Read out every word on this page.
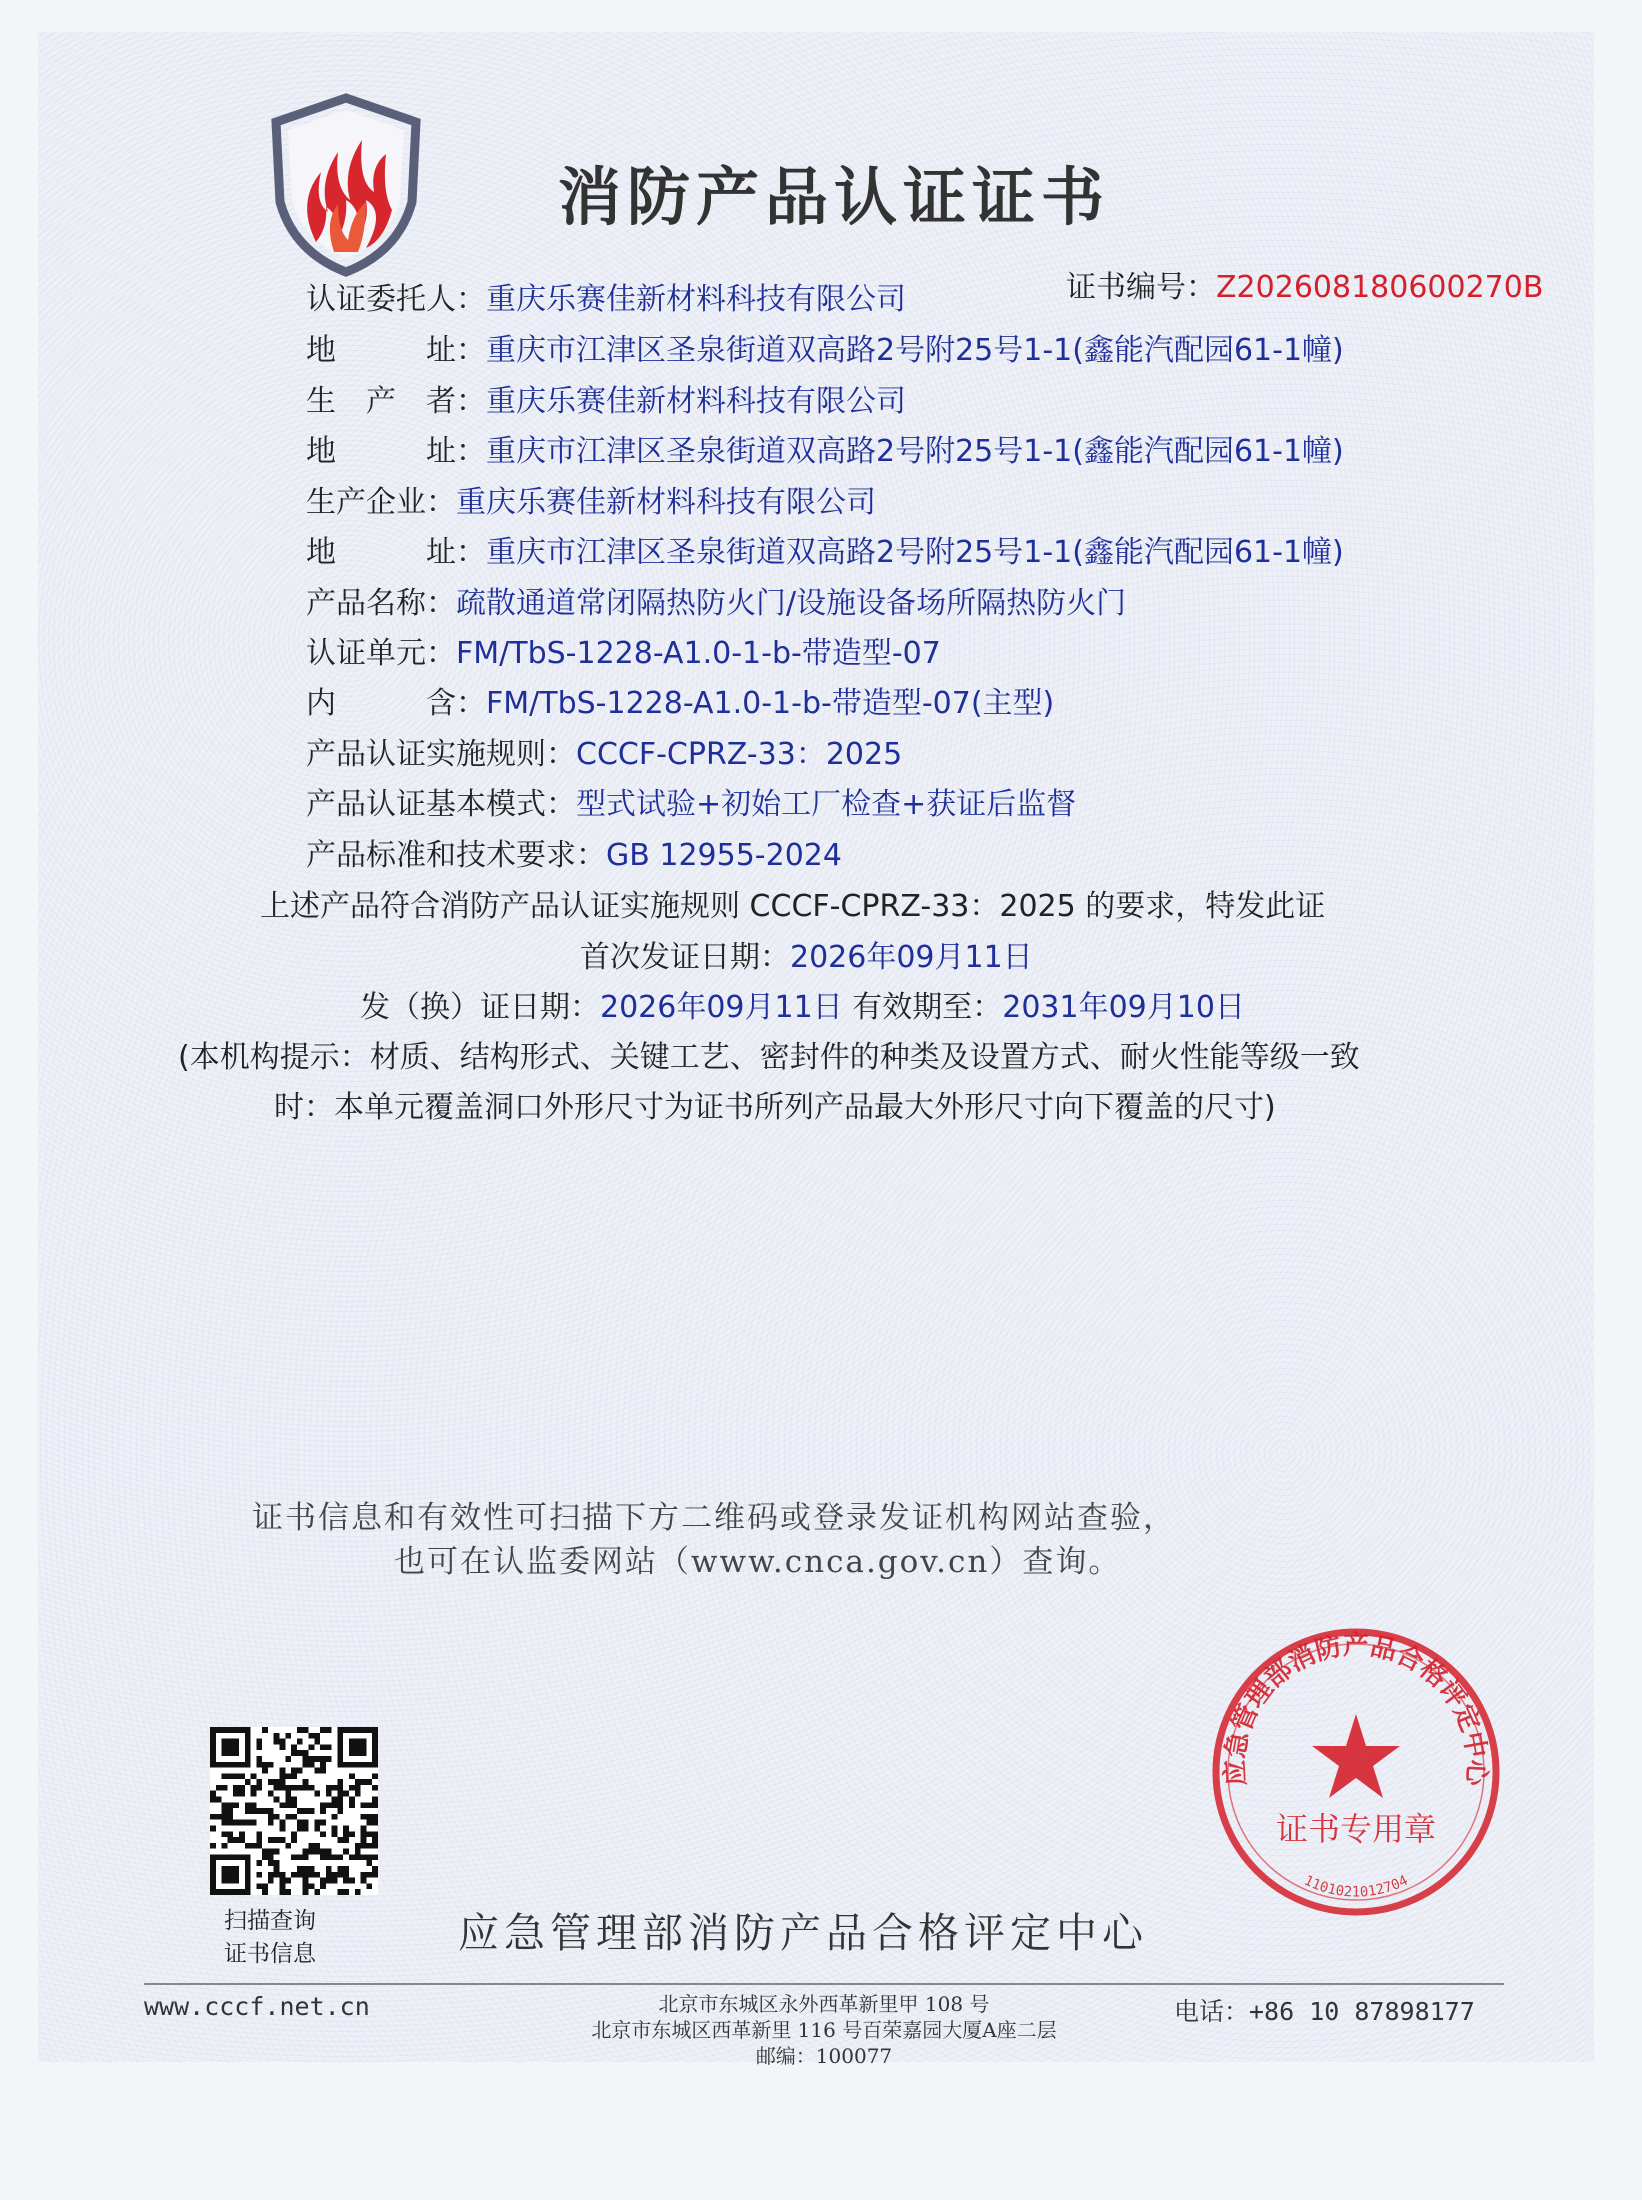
消防产品认证证书
证书编号：Z202608180600270B
认证委托人：重庆乐赛佳新材料科技有限公司
地　　　址：重庆市江津区圣泉街道双高路2号附25号1-1(鑫能汽配园61-1幢)
生　产　者：重庆乐赛佳新材料科技有限公司
地　　　址：重庆市江津区圣泉街道双高路2号附25号1-1(鑫能汽配园61-1幢)
生产企业：重庆乐赛佳新材料科技有限公司
地　　　址：重庆市江津区圣泉街道双高路2号附25号1-1(鑫能汽配园61-1幢)
产品名称：疏散通道常闭隔热防火门/设施设备场所隔热防火门
认证单元：FM/TbS-1228-A1.0-1-b-带造型-07
内　　　含：FM/TbS-1228-A1.0-1-b-带造型-07(主型)
产品认证实施规则：CCCF-CPRZ-33：2025
产品认证基本模式：型式试验+初始工厂检查+获证后监督
产品标准和技术要求：GB 12955-2024
上述产品符合消防产品认证实施规则 CCCF-CPRZ-33：2025 的要求，特发此证
首次发证日期：2026年09月11日
发（换）证日期：2026年09月11日 有效期至：2031年09月10日
(本机构提示：材质、结构形式、关键工艺、密封件的种类及设置方式、耐火性能等级一致
时：本单元覆盖洞口外形尺寸为证书所列产品最大外形尺寸向下覆盖的尺寸)
证书信息和有效性可扫描下方二维码或登录发证机构网站查验，
也可在认监委网站（www.cnca.gov.cn）查询。
扫描查询
证书信息	应急管理部消防产品合格评定中心
应急管理部消防产品合格评定中心
证书专用章
1101021012704
www.cccf.net.cn	北京市东城区永外西革新里甲 108 号
北京市东城区西革新里 116 号百荣嘉园大厦A座二层
邮编：100077
电话：+86 10 87898177
